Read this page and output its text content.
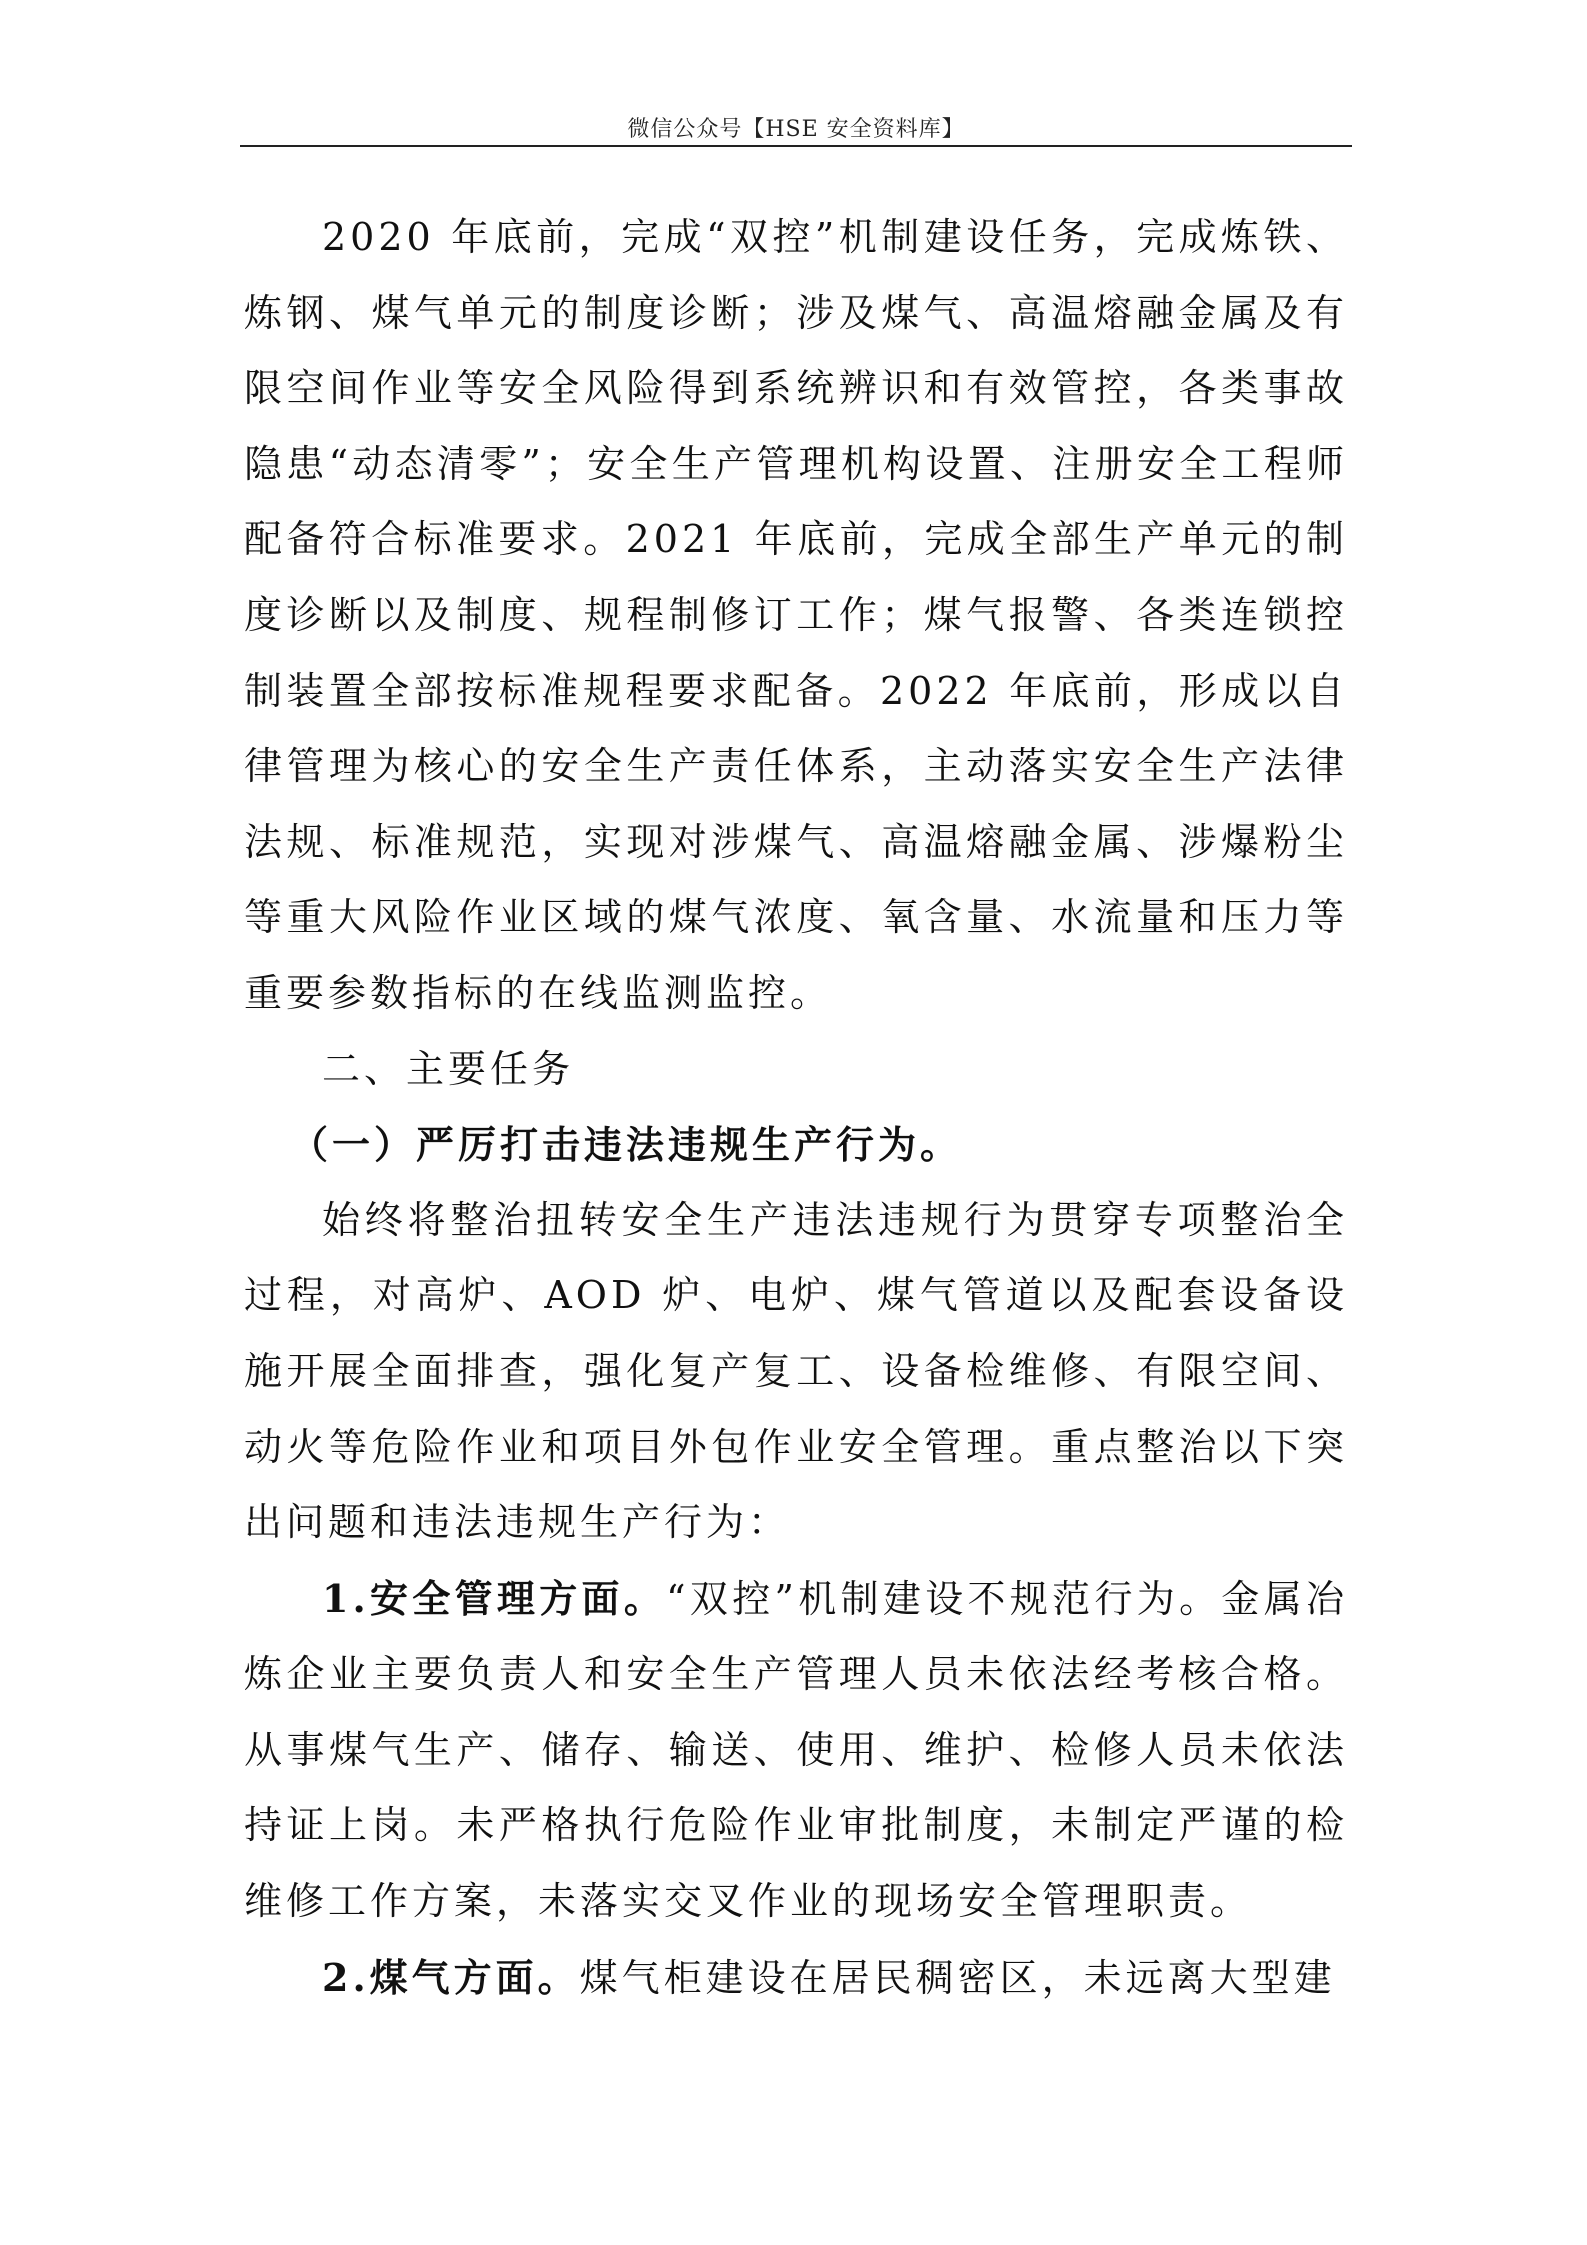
微信公众号【HSE 安全资料库】

2020 年底前，完成“双控”机制建设任务，完成炼铁、炼钢、煤气单元的制度诊断；涉及煤气、高温熔融金属及有限空间作业等安全风险得到系统辨识和有效管控，各类事故隐患“动态清零”；安全生产管理机构设置、注册安全工程师配备符合标准要求。2021 年底前，完成全部生产单元的制度诊断以及制度、规程制修订工作；煤气报警、各类连锁控制装置全部按标准规程要求配备。2022 年底前，形成以自律管理为核心的安全生产责任体系，主动落实安全生产法律法规、标准规范，实现对涉煤气、高温熔融金属、涉爆粉尘等重大风险作业区域的煤气浓度、氧含量、水流量和压力等重要参数指标的在线监测监控。

二、主要任务

（一）严厉打击违法违规生产行为。

始终将整治扭转安全生产违法违规行为贯穿专项整治全过程，对高炉、AOD 炉、电炉、煤气管道以及配套设备设施开展全面排查，强化复产复工、设备检维修、有限空间、动火等危险作业和项目外包作业安全管理。重点整治以下突出问题和违法违规生产行为：

1.安全管理方面。“双控”机制建设不规范行为。金属冶炼企业主要负责人和安全生产管理人员未依法经考核合格。从事煤气生产、储存、输送、使用、维护、检修人员未依法持证上岗。未严格执行危险作业审批制度，未制定严谨的检维修工作方案，未落实交叉作业的现场安全管理职责。

2.煤气方面。煤气柜建设在居民稠密区，未远离大型建
